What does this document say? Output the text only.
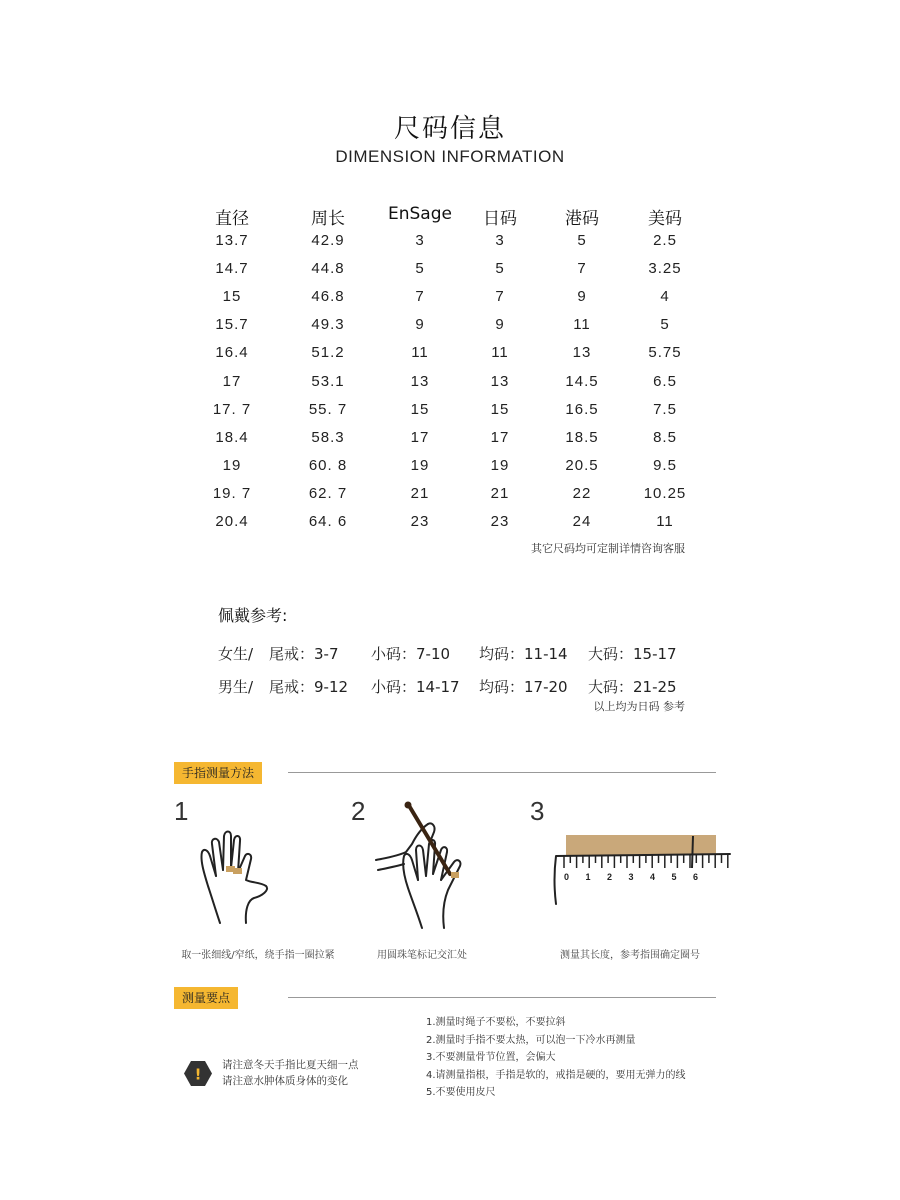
尺码信息
DIMENSION INFORMATION
直径	周长	EnSage	日码	港码	美码
13.7	42.9	3	3	5	2.5
14.7	44.8	5	5	7	3.25
15	46.8	7	7	9	4
15.7	49.3	9	9	11	5
16.4	51.2	11	11	13	5.75
17	53.1	13	13	14.5	6.5
17. 7	55. 7	15	15	16.5	7.5
18.4	58.3	17	17	18.5	8.5
19	60. 8	19	19	20.5	9.5
19. 7	62. 7	21	21	22	10.25
20.4	64. 6	23	23	24	11
其它尺码均可定制详情咨询客服
佩戴参考:
女生/ 尾戒：3-7 小码：7-10 均码：11-14 大码：15-17
男生/ 尾戒：9-12 小码：14-17 均码：17-20 大码：21-25
以上均为日码 参考
手指测量方法
1	2	3
0 1 2 3 4 5 6
取一张细线/窄纸，绕手指一圈拉紧	用圆珠笔标记交汇处	测量其长度，参考指围确定圈号
测量要点
1.测量时绳子不要松，不要拉斜
2.测量时手指不要太热，可以泡一下冷水再测量
3.不要测量骨节位置，会偏大
4.请测量指根，手指是软的，戒指是硬的，要用无弹力的线
5.不要使用皮尺
!
请注意冬天手指比夏天细一点
请注意水肿体质身体的变化
